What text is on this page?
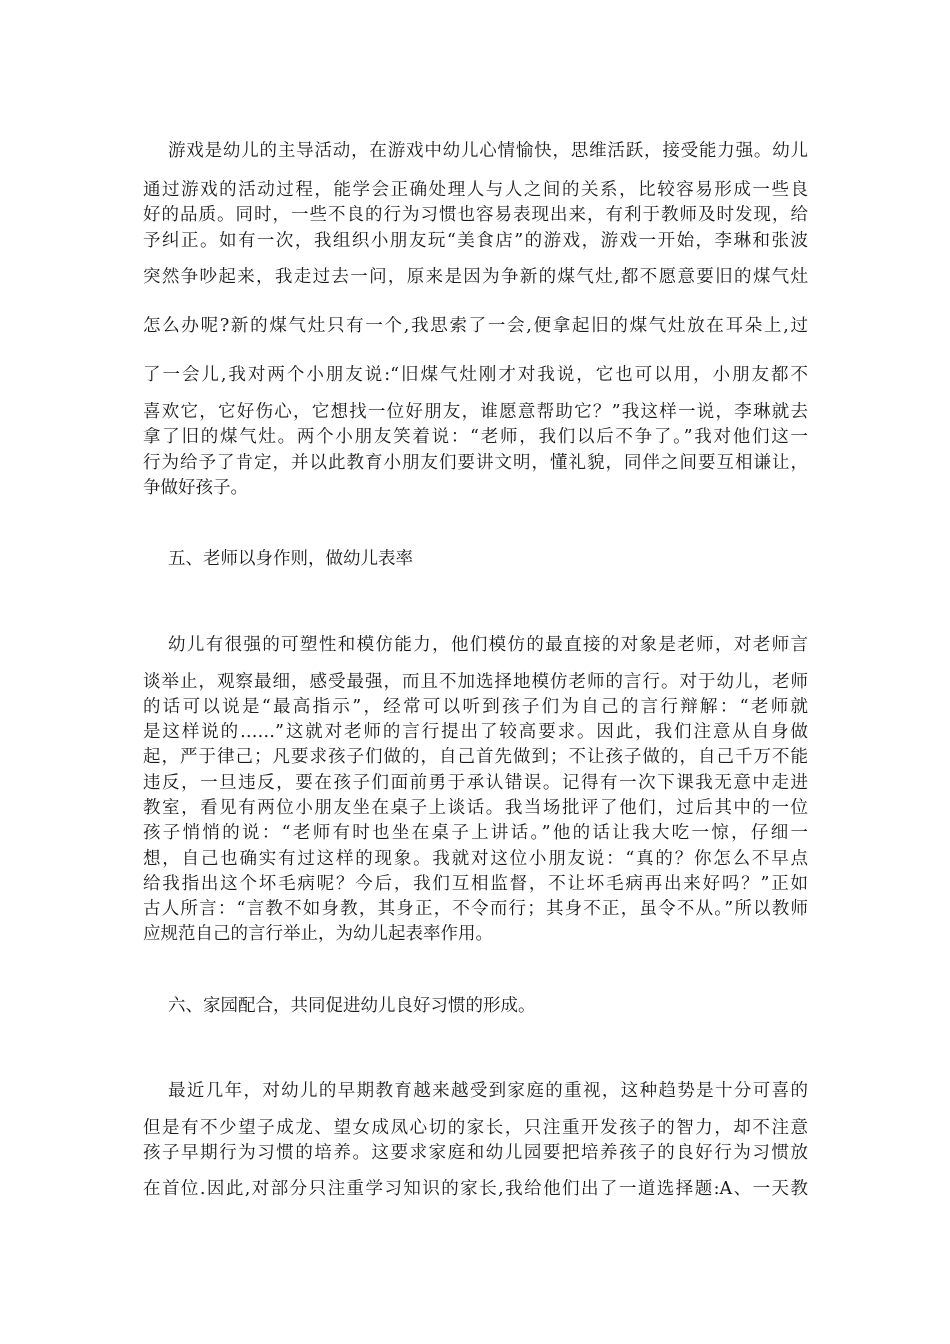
游戏是幼儿的主导活动，在游戏中幼儿心情愉快，思维活跃，接受能力强。幼儿
通过游戏的活动过程，能学会正确处理人与人之间的关系，比较容易形成一些良
好的品质。同时，一些不良的行为习惯也容易表现出来，有利于教师及时发现，给
予纠正。如有一次，我组织小朋友玩“美食店”的游戏，游戏一开始，李琳和张波
突然争吵起来，我走过去一问，原来是因为争新的煤气灶,都不愿意要旧的煤气灶
怎么办呢?新的煤气灶只有一个,我思索了一会,便拿起旧的煤气灶放在耳朵上,过
了一会儿,我对两个小朋友说:“旧煤气灶刚才对我说，它也可以用，小朋友都不
喜欢它，它好伤心，它想找一位好朋友，谁愿意帮助它？”我这样一说，李琳就去
拿了旧的煤气灶。两个小朋友笑着说：“老师，我们以后不争了。”我对他们这一
行为给予了肯定，并以此教育小朋友们要讲文明，懂礼貌，同伴之间要互相谦让，
争做好孩子。
五、老师以身作则，做幼儿表率
幼儿有很强的可塑性和模仿能力，他们模仿的最直接的对象是老师，对老师言
谈举止，观察最细，感受最强，而且不加选择地模仿老师的言行。对于幼儿，老师
的话可以说是“最高指示”，经常可以听到孩子们为自己的言行辩解：“老师就
是这样说的……”这就对老师的言行提出了较高要求。因此，我们注意从自身做
起，严于律己；凡要求孩子们做的，自己首先做到；不让孩子做的，自己千万不能
违反，一旦违反，要在孩子们面前勇于承认错误。记得有一次下课我无意中走进
教室，看见有两位小朋友坐在桌子上谈话。我当场批评了他们，过后其中的一位
孩子悄悄的说：“老师有时也坐在桌子上讲话。”他的话让我大吃一惊，仔细一
想，自己也确实有过这样的现象。我就对这位小朋友说：“真的？你怎么不早点
给我指出这个坏毛病呢？今后，我们互相监督，不让坏毛病再出来好吗？”正如
古人所言：“言教不如身教，其身正，不令而行；其身不正，虽令不从。”所以教师
应规范自己的言行举止，为幼儿起表率作用。
六、家园配合，共同促进幼儿良好习惯的形成。
最近几年，对幼儿的早期教育越来越受到家庭的重视，这种趋势是十分可喜的
但是有不少望子成龙、望女成凤心切的家长，只注重开发孩子的智力，却不注意
孩子早期行为习惯的培养。这要求家庭和幼儿园要把培养孩子的良好行为习惯放
在首位.因此,对部分只注重学习知识的家长,我给他们出了一道选择题:A、一天教
